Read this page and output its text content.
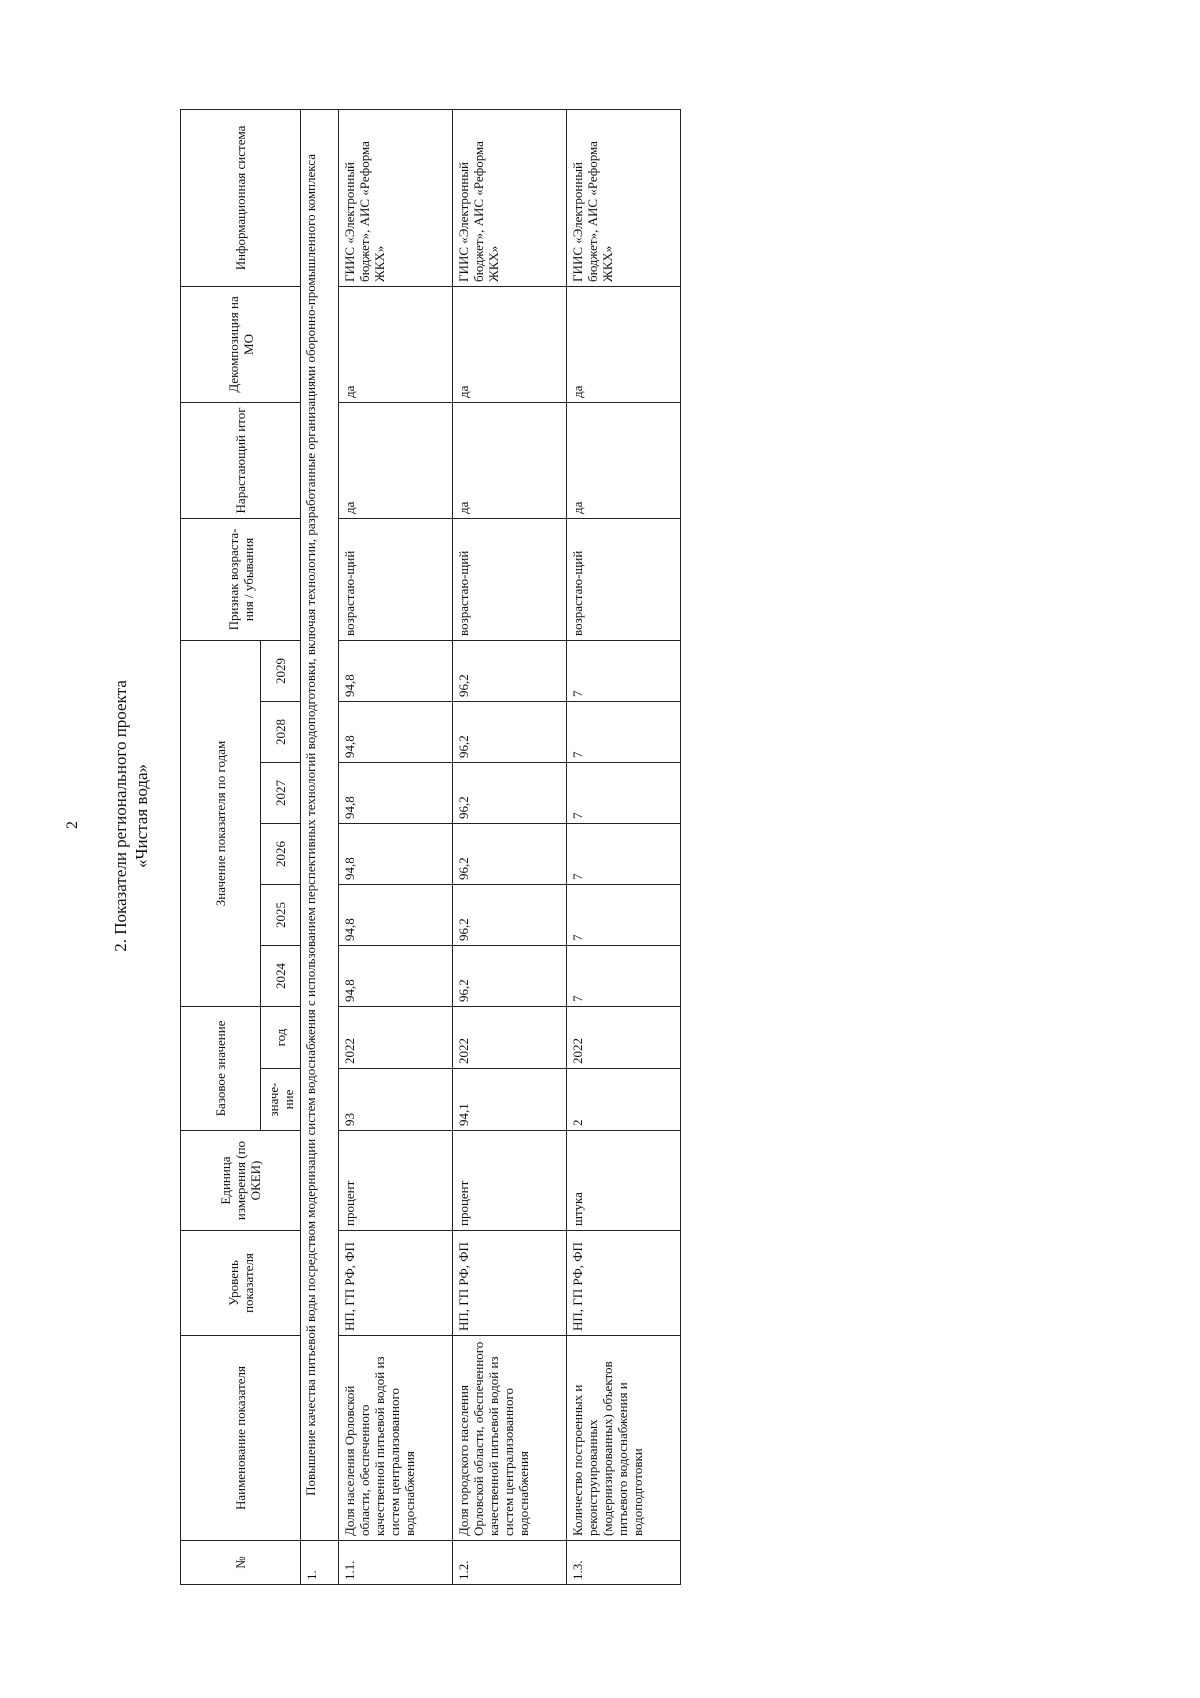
2 2. Показатели регионального проекта «Чистая вода»
№	Наименование показателя	Уровень показателя	Единица измерения (по ОКЕИ)	Базовое значение		Значение показателя по годам						Признак возраста-ния / убывания	Нарастающий итог	Декомпозиция на МО	Информационная система
				значе-ние	год	2024	2025	2026	2027	2028	2029				
1.	Повышение качества питьевой воды посредством модернизации систем водоснабжения с использованием перспективных технологий водоподготовки, включая технологии, разработанные организациями оборонно-промышленного комплекса														
1.1.	Доля населения Орловской области, обеспеченного качественной питьевой водой из систем централизованного водоснабжения	НП, ГП РФ, ФП	процент	93	2022	94,8	94,8	94,8	94,8	94,8	94,8	возрастаю-щий	да	да	ГИИС «Электронный бюджет», АИС «Реформа ЖКХ»
1.2.	Доля городского населения Орловской области, обеспеченного качественной питьевой водой из систем централизованного водоснабжения	НП, ГП РФ, ФП	процент	94,1	2022	96,2	96,2	96,2	96,2	96,2	96,2	возрастаю-щий	да	да	ГИИС «Электронный бюджет», АИС «Реформа ЖКХ»
1.3.	Количество построенных и реконструированных (модернизированных) объектов питьевого водоснабжения и водоподготовки	НП, ГП РФ, ФП	штука	2	2022	7	7	7	7	7	7	возрастаю-щий	да	да	ГИИС «Электронный бюджет», АИС «Реформа ЖКХ»
